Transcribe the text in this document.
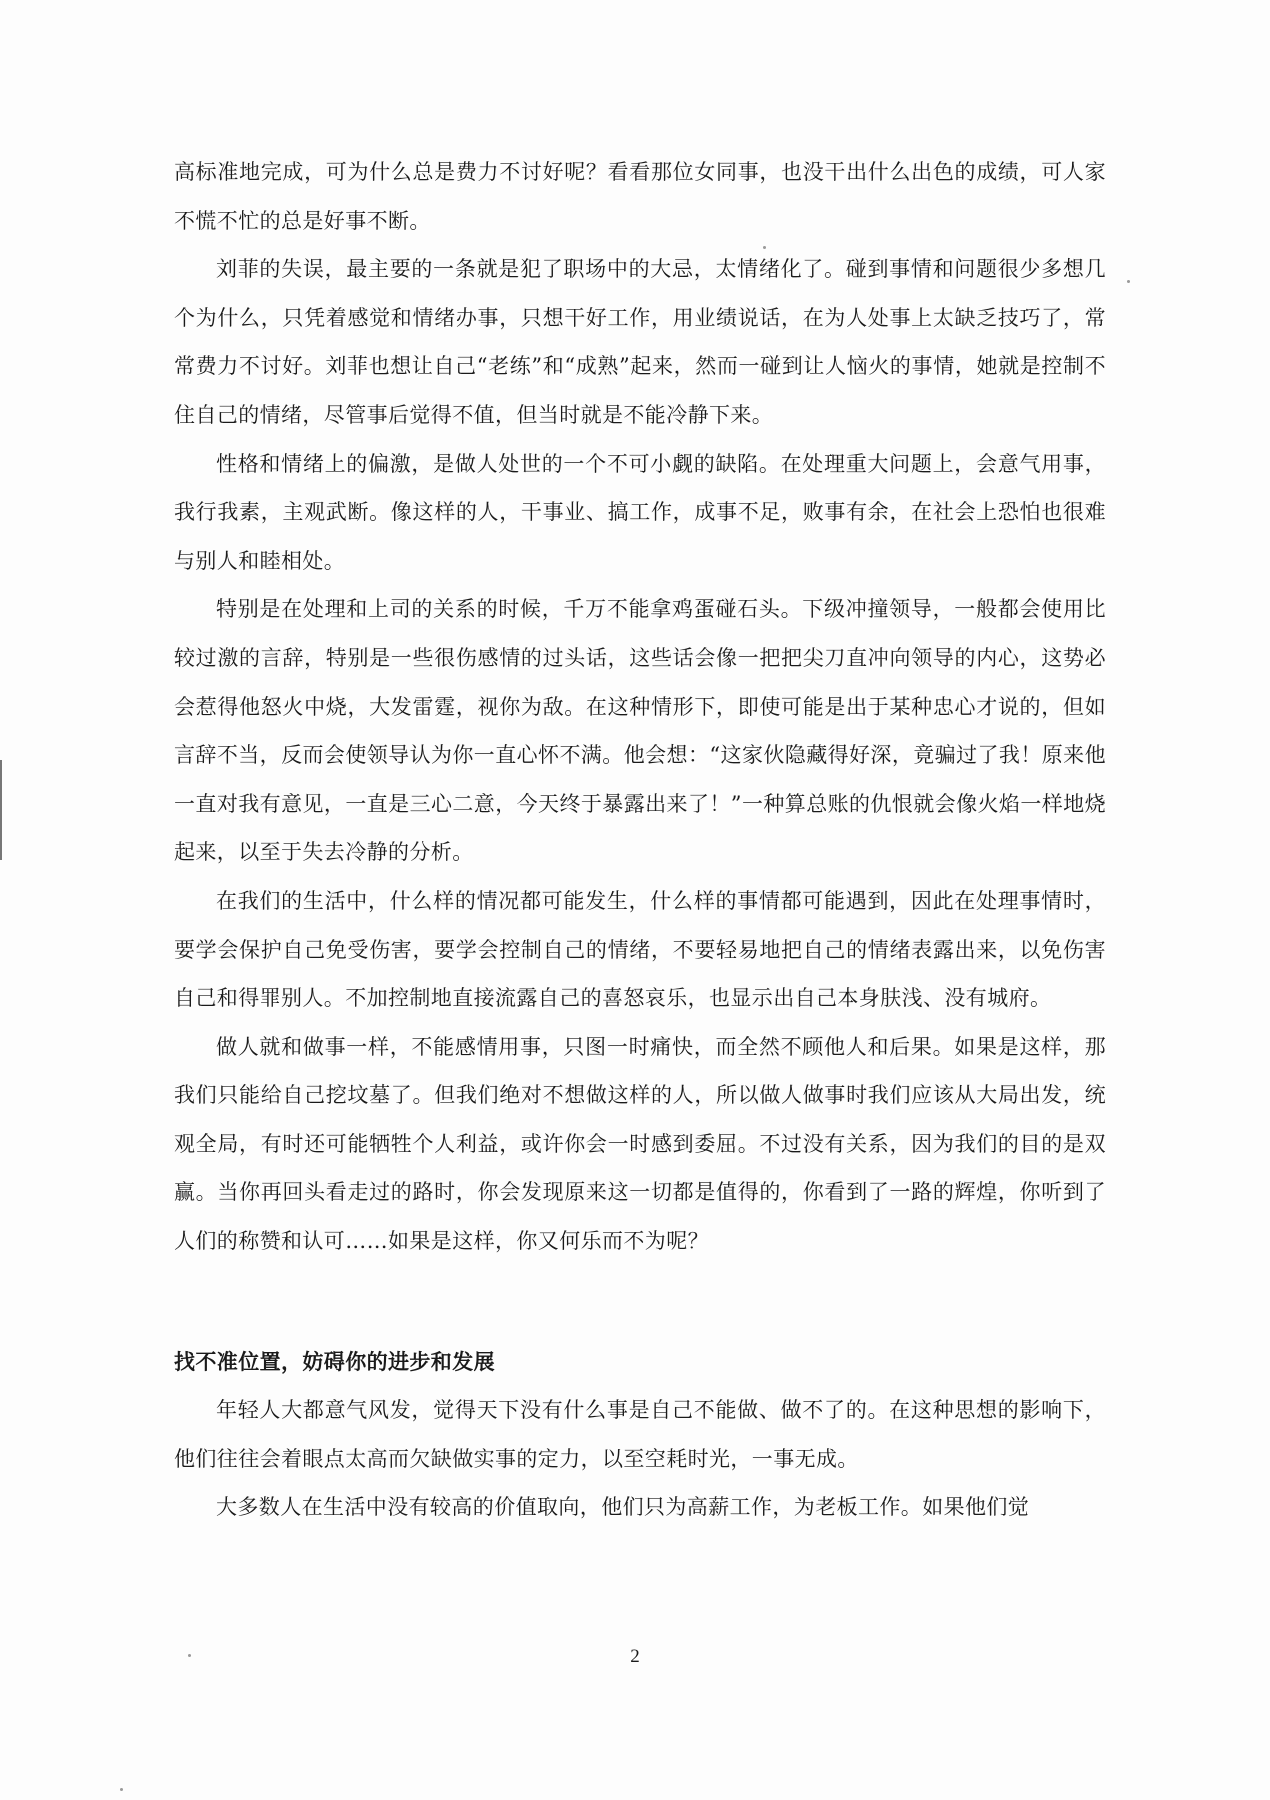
高标准地完成，可为什么总是费力不讨好呢？看看那位女同事，也没干出什么出色的成绩，可人家不慌不忙的总是好事不断。

刘菲的失误，最主要的一条就是犯了职场中的大忌，太情绪化了。碰到事情和问题很少多想几个为什么，只凭着感觉和情绪办事，只想干好工作，用业绩说话，在为人处事上太缺乏技巧了，常常费力不讨好。刘菲也想让自己“老练”和“成熟”起来，然而一碰到让人恼火的事情，她就是控制不住自己的情绪，尽管事后觉得不值，但当时就是不能冷静下来。

性格和情绪上的偏激，是做人处世的一个不可小觑的缺陷。在处理重大问题上，会意气用事，我行我素，主观武断。像这样的人，干事业、搞工作，成事不足，败事有余，在社会上恐怕也很难与别人和睦相处。

特别是在处理和上司的关系的时候，千万不能拿鸡蛋碰石头。下级冲撞领导，一般都会使用比较过激的言辞，特别是一些很伤感情的过头话，这些话会像一把把尖刀直冲向领导的内心，这势必会惹得他怒火中烧，大发雷霆，视你为敌。在这种情形下，即使可能是出于某种忠心才说的，但如言辞不当，反而会使领导认为你一直心怀不满。他会想：“这家伙隐藏得好深，竟骗过了我！原来他一直对我有意见，一直是三心二意，今天终于暴露出来了！”一种算总账的仇恨就会像火焰一样地烧起来，以至于失去冷静的分析。

在我们的生活中，什么样的情况都可能发生，什么样的事情都可能遇到，因此在处理事情时，要学会保护自己免受伤害，要学会控制自己的情绪，不要轻易地把自己的情绪表露出来，以免伤害自己和得罪别人。不加控制地直接流露自己的喜怒哀乐，也显示出自己本身肤浅、没有城府。

做人就和做事一样，不能感情用事，只图一时痛快，而全然不顾他人和后果。如果是这样，那我们只能给自己挖坟墓了。但我们绝对不想做这样的人，所以做人做事时我们应该从大局出发，统观全局，有时还可能牺牲个人利益，或许你会一时感到委屈。不过没有关系，因为我们的目的是双赢。当你再回头看走过的路时，你会发现原来这一切都是值得的，你看到了一路的辉煌，你听到了人们的称赞和认可……如果是这样，你又何乐而不为呢？

找不准位置，妨碍你的进步和发展

年轻人大都意气风发，觉得天下没有什么事是自己不能做、做不了的。在这种思想的影响下，他们往往会着眼点太高而欠缺做实事的定力，以至空耗时光，一事无成。

大多数人在生活中没有较高的价值取向，他们只为高薪工作，为老板工作。如果他们觉

2
